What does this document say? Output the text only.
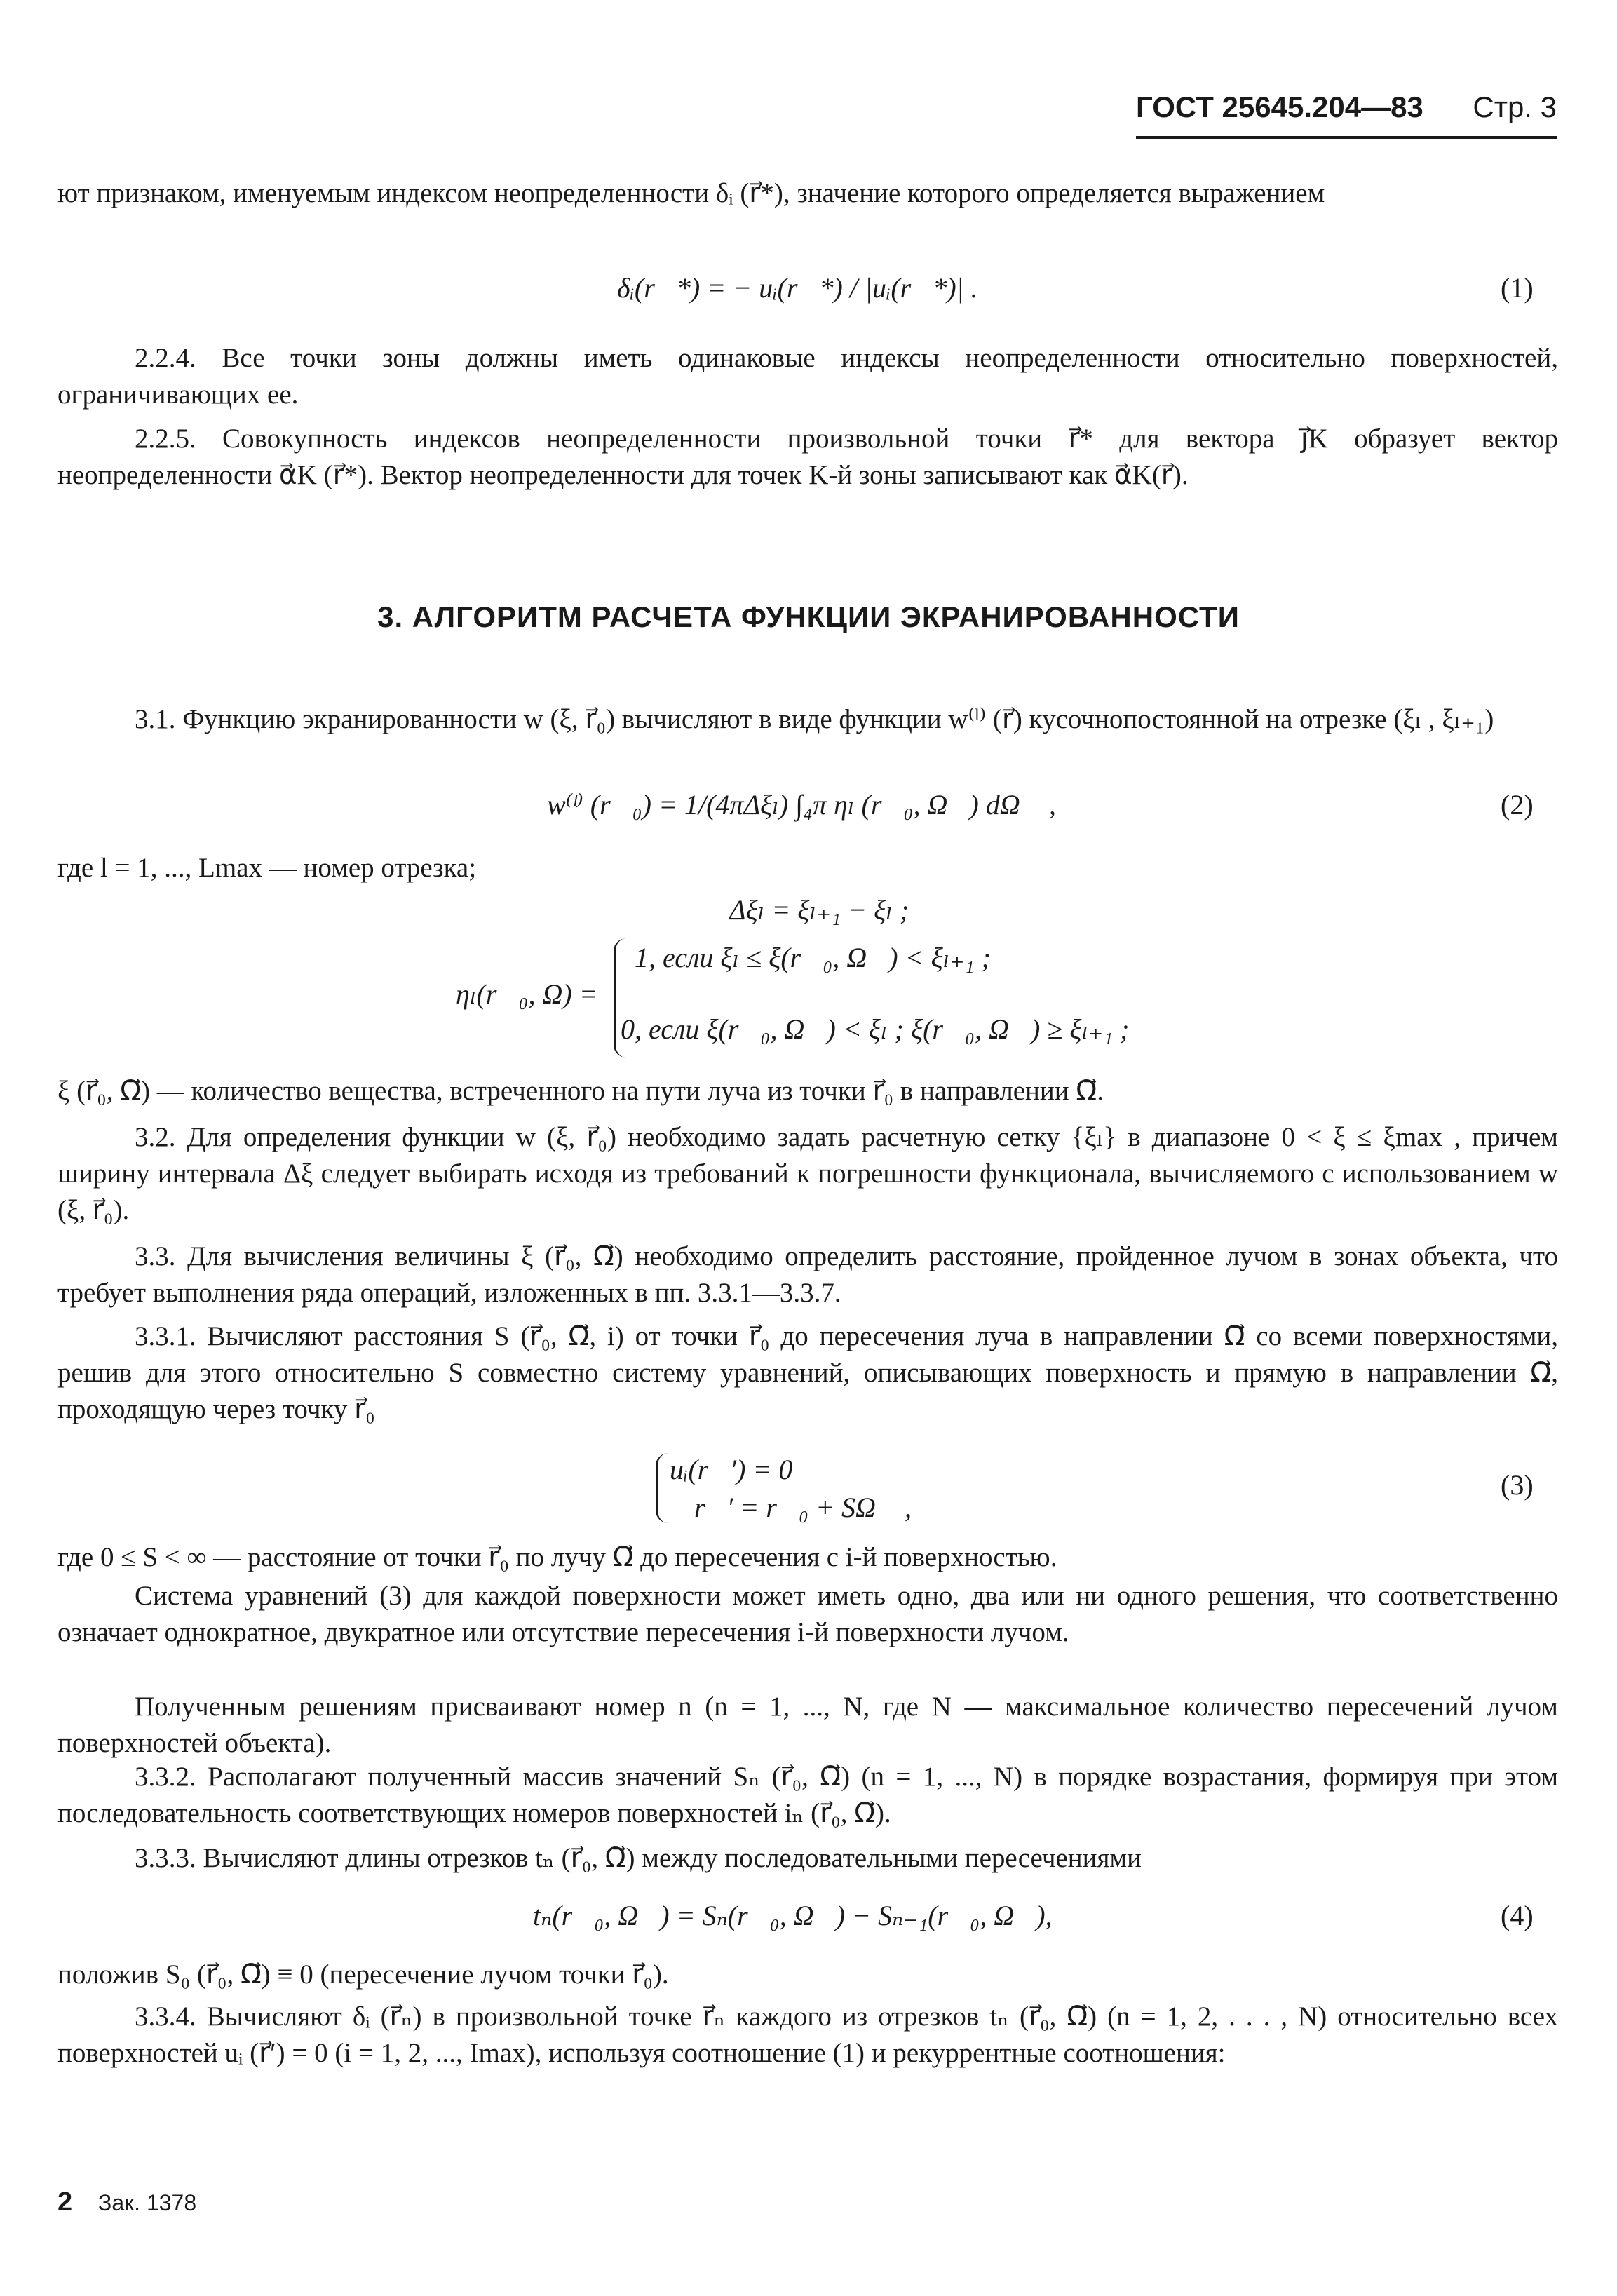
ГОСТ 25645.204—83 Стр. 3

ют признаком, именуемым индексом неопределенности δᵢ (r⃗*), значение которого определяется выражением

δᵢ(r⃗*) = − uᵢ(r⃗*) / |uᵢ(r⃗*)| .	(1)

2.2.4. Все точки зоны должны иметь одинаковые индексы неопределенности относительно поверхностей, ограничивающих ее.

2.2.5. Совокупность индексов неопределенности произвольной точки r⃗* для вектора j⃗K образует вектор неопределенности α⃗K (r⃗*). Вектор неопределенности для точек K-й зоны записывают как α⃗K(r⃗).

3. АЛГОРИТМ РАСЧЕТА ФУНКЦИИ ЭКРАНИРОВАННОСТИ

3.1. Функцию экранированности w (ξ, r⃗₀) вычисляют в виде функции w⁽ˡ⁾ (r⃗) кусочнопостоянной на отрезке (ξₗ , ξₗ₊₁)

w⁽ˡ⁾ (r⃗₀) = 1/(4πΔξₗ) ∫₄π ηₗ (r⃗₀, Ω⃗) dΩ⃗ ,	(2)

где l = 1, ..., Lmax — номер отрезка;

Δξₗ = ξₗ₊₁ − ξₗ ;
ηₗ(r⃗₀, Ω) =
1, если ξₗ ≤ ξ(r⃗₀, Ω⃗) < ξₗ₊₁ ;
0, если ξ(r⃗₀, Ω⃗) < ξₗ ; ξ(r⃗₀, Ω⃗) ≥ ξₗ₊₁ ;

ξ (r⃗₀, Ω⃗) — количество вещества, встреченного на пути луча из точки r⃗₀ в направлении Ω⃗.

3.2. Для определения функции w (ξ, r⃗₀) необходимо задать расчетную сетку {ξₗ} в диапазоне 0 < ξ ≤ ξmax , причем ширину интервала Δξ следует выбирать исходя из требований к погрешности функционала, вычисляемого с использованием w (ξ, r⃗₀).

3.3. Для вычисления величины ξ (r⃗₀, Ω⃗) необходимо определить расстояние, пройденное лучом в зонах объекта, что требует выполнения ряда операций, изложенных в пп. 3.3.1—3.3.7.

3.3.1. Вычисляют расстояния S (r⃗₀, Ω⃗, i) от точки r⃗₀ до пересечения луча в направлении Ω⃗ со всеми поверхностями, решив для этого относительно S совместно систему уравнений, описывающих поверхность и прямую в направлении Ω⃗, проходящую через точку r⃗₀

uᵢ(r⃗′) = 0
r⃗′ = r⃗₀ + SΩ⃗ ,
(3)

где 0 ≤ S < ∞ — расстояние от точки r⃗₀ по лучу Ω⃗ до пересечения с i-й поверхностью.

Система уравнений (3) для каждой поверхности может иметь одно, два или ни одного решения, что соответственно означает однократное, двукратное или отсутствие пересечения i-й поверхности лучом.

Полученным решениям присваивают номер n (n = 1, ..., N, где N — максимальное количество пересечений лучом поверхностей объекта).

3.3.2. Располагают полученный массив значений Sₙ (r⃗₀, Ω⃗) (n = 1, ..., N) в порядке возрастания, формируя при этом последовательность соответствующих номеров поверхностей iₙ (r⃗₀, Ω⃗).

3.3.3. Вычисляют длины отрезков tₙ (r⃗₀, Ω⃗) между последовательными пересечениями

tₙ(r⃗₀, Ω⃗) = Sₙ(r⃗₀, Ω⃗) − Sₙ₋₁(r⃗₀, Ω⃗),	(4)

положив S₀ (r⃗₀, Ω⃗) ≡ 0 (пересечение лучом точки r⃗₀).

3.3.4. Вычисляют δᵢ (r⃗ₙ) в произвольной точке r⃗ₙ каждого из отрезков tₙ (r⃗₀, Ω⃗) (n = 1, 2, . . . , N) относительно всех поверхностей uᵢ (r⃗′) = 0 (i = 1, 2, ..., Imax), используя соотношение (1) и рекуррентные соотношения:

2 Зак. 1378
